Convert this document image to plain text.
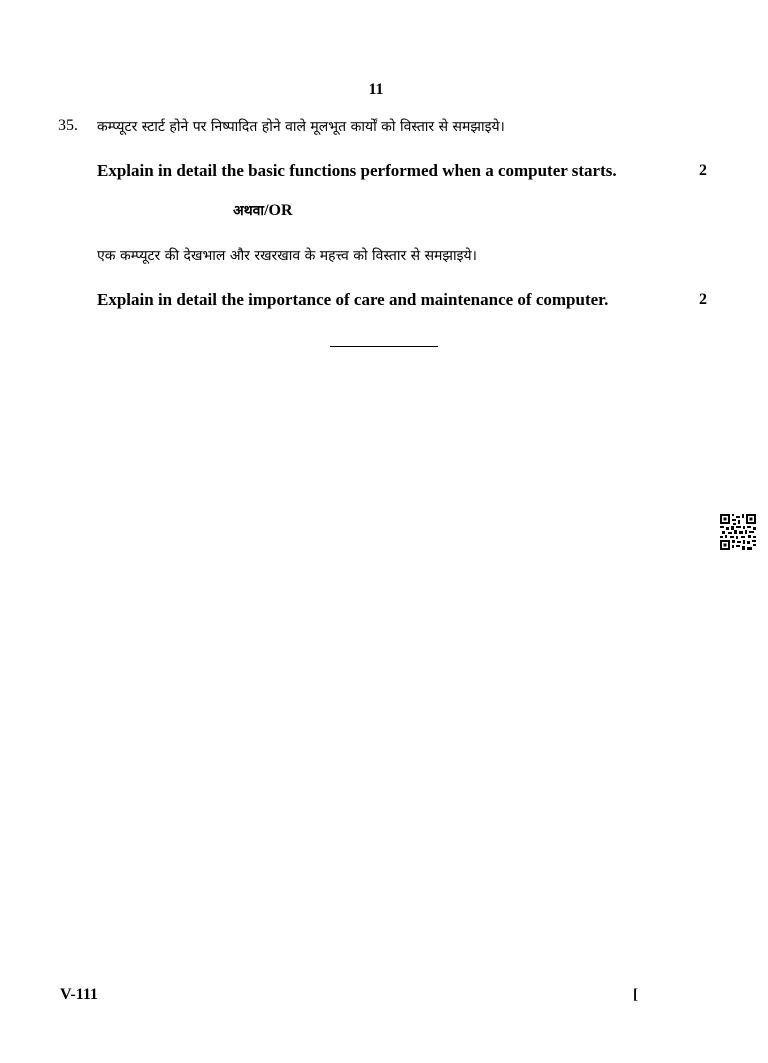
11
35. कम्प्यूटर स्टार्ट होने पर निष्पादित होने वाले मूलभूत कार्यों को विस्तार से समझाइये।
Explain in detail the basic functions performed when a computer starts.	2
अथवा/OR
एक कम्प्यूटर की देखभाल और रखरखाव के महत्त्व को विस्तार से समझाइये।
Explain in detail the importance of care and maintenance of computer.	2
V-111	[
